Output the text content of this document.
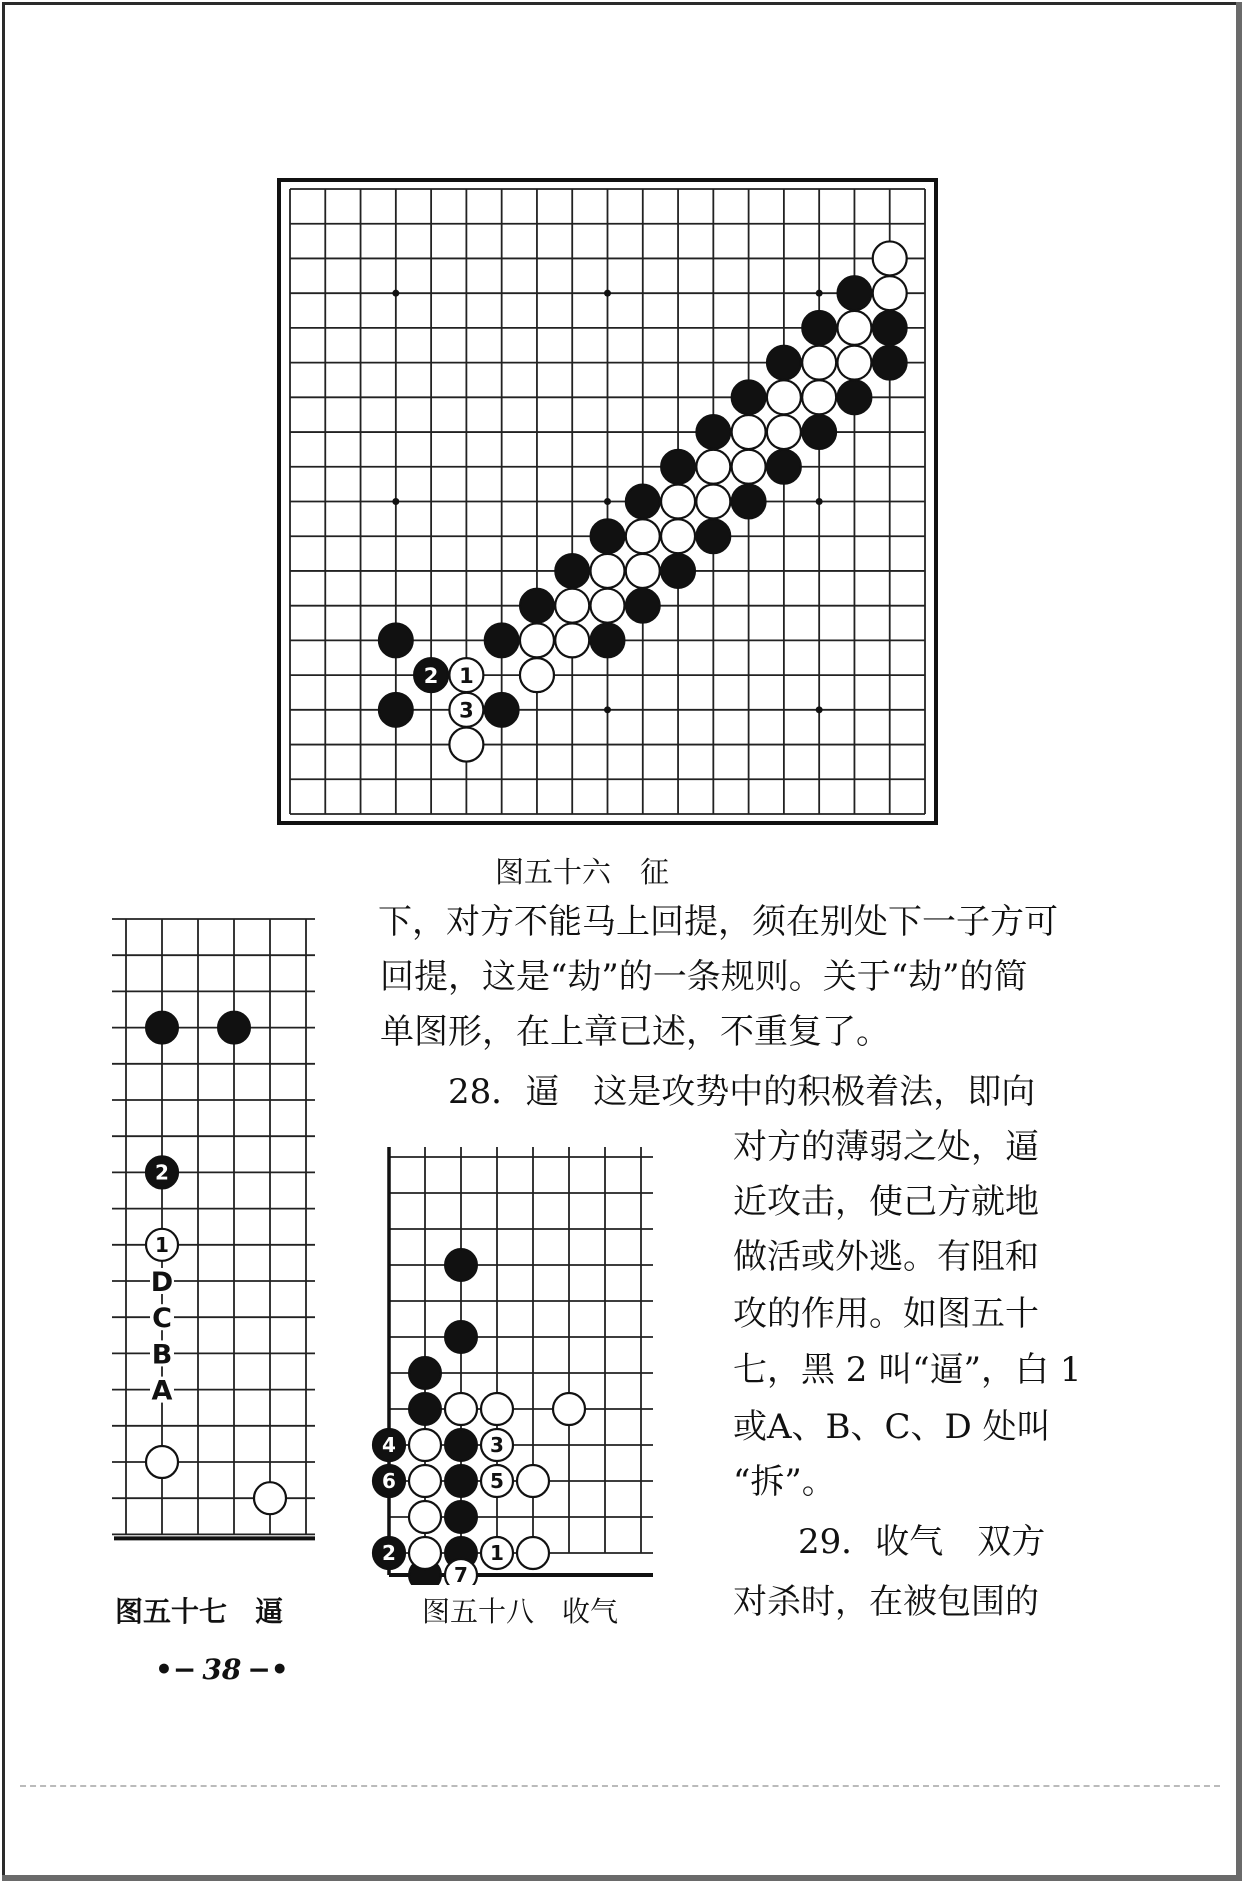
2 1
3
图五十六　征
2
1
D
C
B
A
图五十七　逼
3
4
5
6
1
2
7
图五十八　收气
下，对方不能马上回提，须在别处下一子方可
回提，这是“劫”的一条规则。关于“劫”的简
单图形，在上章已述，不重复了。
28．逼　这是攻势中的积极着法，即向
对方的薄弱之处，逼
近攻击，使己方就地
做活或外逃。有阻和
攻的作用。如图五十
七，黑 2 叫“逼”，白 1
或A、B、C、D 处叫
“拆”。
29．收气　双方
对杀时，在被包围的
•− 38 −•
